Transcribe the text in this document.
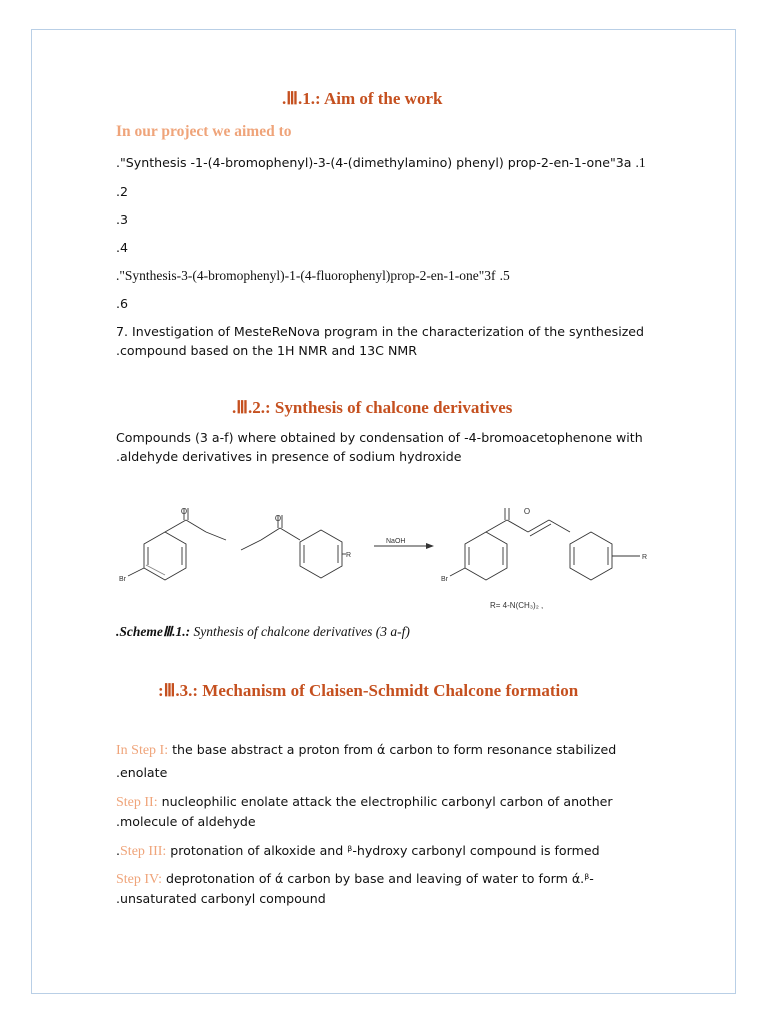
.Ⅲ.1.: Aim of the work
In our project we aimed to
."Synthesis -1-(4-bromophenyl)-3-(4-(dimethylamino) phenyl) prop-2-en-1-one"3a .1
.2
.3
.4
."Synthesis-3-(4-bromophenyl)-1-(4-fluorophenyl)prop-2-en-1-one"3f .5
.6
7. Investigation of MesteReNova program in the characterization of the synthesized
.compound based on the 1H NMR and 13C NMR
.Ⅲ.2.: Synthesis of chalcone derivatives
Compounds (3 a-f) where obtained by condensation of -4-bromoacetophenone with
.aldehyde derivatives in presence of sodium hydroxide
O
O
O
Br
R
Br
R
NaOH
R= 4-N(CH₃)₂ ,
.SchemeⅢ.1.: Synthesis of chalcone derivatives (3 a-f)
:Ⅲ.3.: Mechanism of Claisen-Schmidt Chalcone formation
In Step I: the base abstract a proton from ά carbon to form resonance stabilized
.enolate
Step II: nucleophilic enolate attack the electrophilic carbonyl carbon of another
.molecule of aldehyde
.Step III: protonation of alkoxide and ᵝ-hydroxy carbonyl compound is formed
Step IV: deprotonation of ά carbon by base and leaving of water to form ά.ᵝ-
.unsaturated carbonyl compound
